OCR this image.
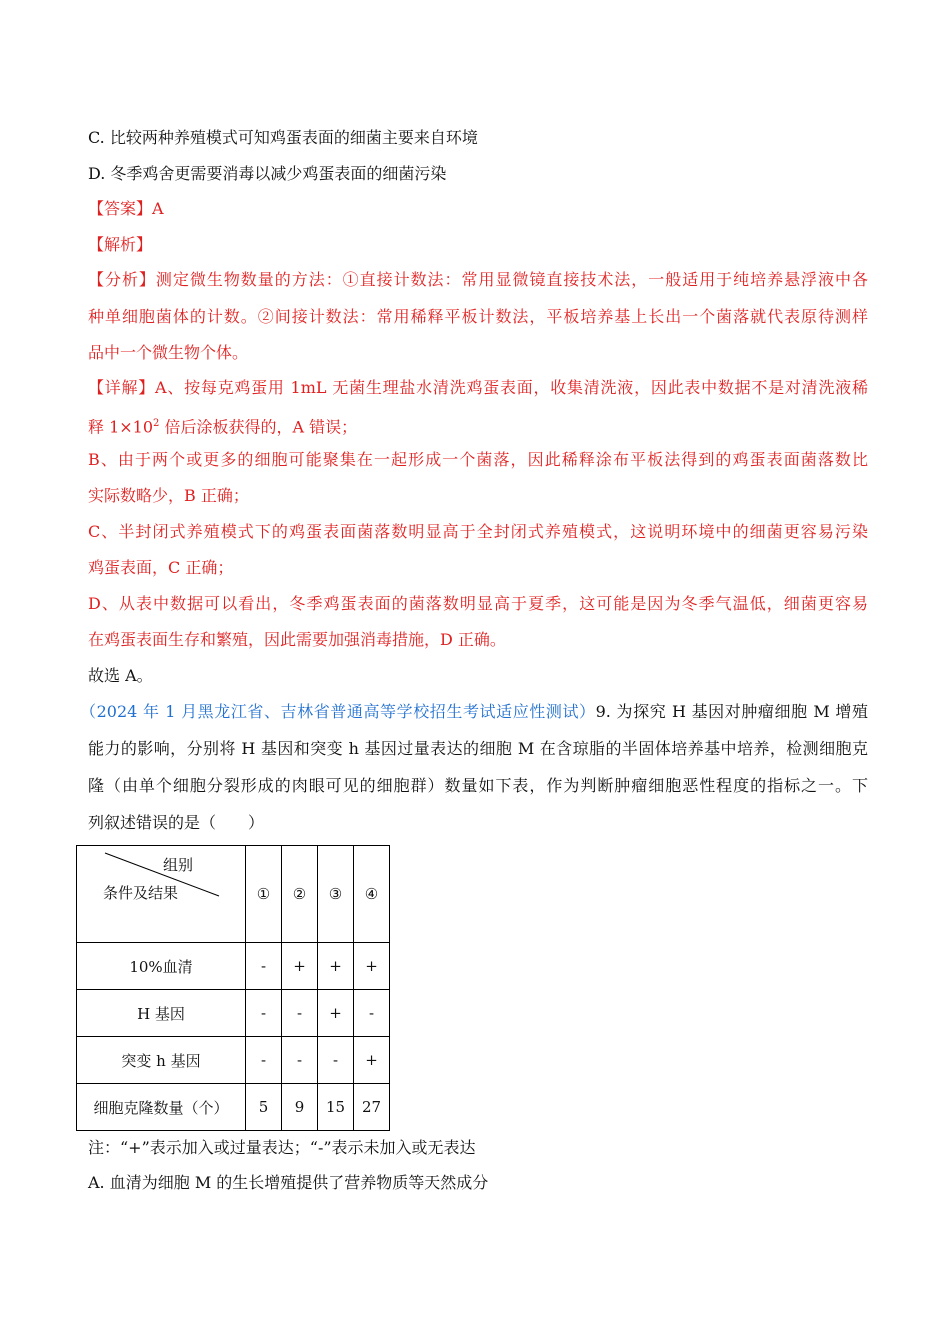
C. 比较两种养殖模式可知鸡蛋表面的细菌主要来自环境
D. 冬季鸡舍更需要消毒以减少鸡蛋表面的细菌污染
【答案】A
【解析】
【分析】测定微生物数量的方法：①直接计数法：常用显微镜直接技术法，一般适用于纯培养悬浮液中各
种单细胞菌体的计数。②间接计数法：常用稀释平板计数法，平板培养基上长出一个菌落就代表原待测样
品中一个微生物个体。
【详解】A、按每克鸡蛋用 1mL 无菌生理盐水清洗鸡蛋表面，收集清洗液，因此表中数据不是对清洗液稀
释 $1\times 10^2$ 倍后涂板获得的，A 错误；
B、由于两个或更多的细胞可能聚集在一起形成一个菌落，因此稀释涂布平板法得到的鸡蛋表面菌落数比
实际数略少，B 正确；
C、半封闭式养殖模式下的鸡蛋表面菌落数明显高于全封闭式养殖模式，这说明环境中的细菌更容易污染
鸡蛋表面，C 正确；
D、从表中数据可以看出，冬季鸡蛋表面的菌落数明显高于夏季，这可能是因为冬季气温低，细菌更容易
在鸡蛋表面生存和繁殖，因此需要加强消毒措施，D 正确。
故选 A。
（2024 年 1 月黑龙江省、吉林省普通高等学校招生考试适应性测试）9. 为探究 H 基因对肿瘤细胞 M 增殖
能力的影响，分别将 H 基因和突变 h 基因过量表达的细胞 M 在含琼脂的半固体培养基中培养，检测细胞克
隆（由单个细胞分裂形成的肉眼可见的细胞群）数量如下表，作为判断肿瘤细胞恶性程度的指标之一。下
列叙述错误的是（　　）
组别
条件及结果	①	②	③	④
10%血清	-	+	+	+
H 基因	-	-	+	-
突变 h 基因	-	-	-	+
细胞克隆数量（个）	5	9	15	27
注：“+”表示加入或过量表达；“-”表示未加入或无表达
A. 血清为细胞 M 的生长增殖提供了营养物质等天然成分
